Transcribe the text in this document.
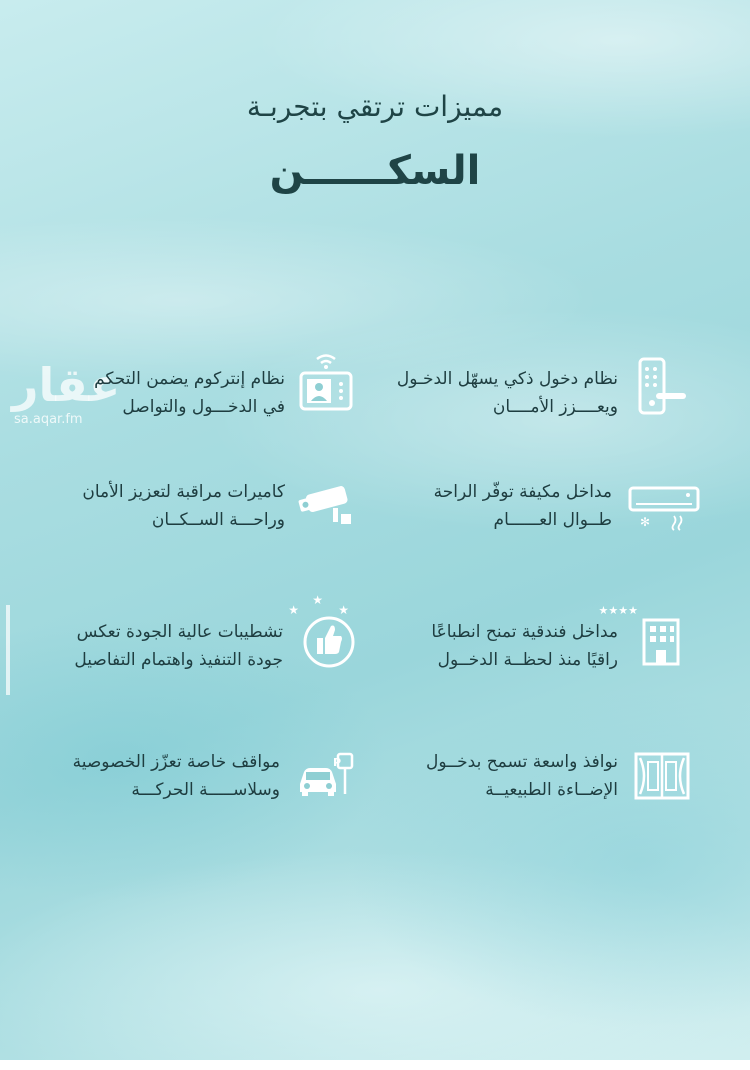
مميزات ترتقي بتجربـة
السكــــــن
عقار
sa.aqar.fm
نظام دخول ذكي يسهّل الدخـول
ويعــــزز الأمــــان
نظام إنتركوم يضمن التحكم
في الدخـــول والتواصل
✻
مداخل مكيفة توفّر الراحة
طــوال العــــــام
كاميرات مراقبة لتعزيز الأمان
وراحـــة الســكــان
★★★★
مداخل فندقية تمنح انطباعًا
راقيًا منذ لحظــة الدخــول
★
★
★
تشطيبات عالية الجودة تعكس
جودة التنفيذ واهتمام التفاصيل
نوافذ واسعة تسمح بدخــول
الإضــاءة الطبيعيــة
P
مواقف خاصة تعزّز الخصوصية
وسلاســـــة الحركـــة
